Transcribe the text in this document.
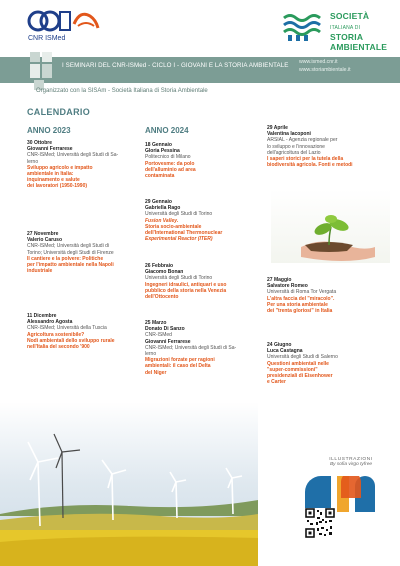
CNR ISMed
SOCIETÀ
ITALIANA DI
STORIA
AMBIENTALE
I SEMINARI DEL CNR-ISMed - CICLO I - GIOVANI E LA STORIA AMBIENTALE www.ismed.cnr.it
www.storiambientale.it
Organizzato con la SISAm - Società Italiana di Storia Ambientale
CALENDARIO
ANNO 2023	ANNO 2024
30 Ottobre
Giovanni Ferrarese
CNR-ISMed; Università degli Studi di Sa-
lerno
Sviluppo agricolo e impatto
ambientale in Italia:
inquinamento e salute
dei lavoratori (1950-1990)
27 Novembre
Valerio Caruso
CNR-ISMed; Università degli Studi di
Torino; Università degli Studi di Firenze
Il cantiere e la polvere: Politiche
per l'impatto ambientale nella Napoli
industriale
11 Dicembre
Alessandro Agosta
CNR-ISMed; Università della Tuscia
Agricoltura sostenibile?
Nodi ambientali dello sviluppo rurale
nell'Italia del secondo '900
18 Gennaio
Gloria Pessina
Politecnico di Milano
Portovesme: da polo
dell'alluminio ad area
contaminata
29 Gennaio
Gabriella Rago
Università degli Studi di Torino
Fusion Valley.
Storia socio-ambientale
dell'International Thermonuclear
Experimental Reactor (ITER)
26 Febbraio
Giacomo Bonan
Università degli Studi di Torino
Ingegneri idraulici, antiquari e uso
pubblico della storia nella Venezia
dell'Ottocento
25 Marzo
Donato Di Sanzo
CNR-ISMed
Giovanni Ferrarese
CNR-ISMed; Università degli Studi di Sa-
lerno
Migrazioni forzate per ragioni
ambientali: il caso del Delta
del Niger
29 Aprile
Valentina Iacoponi
ARSIAL - Agenzia regionale per
lo sviluppo e l'innovazione
dell'agricoltura del Lazio
I saperi storici per la tutela della
biodiversità agricola. Fonti e metodi
27 Maggio
Salvatore Romeo
Università di Roma Tor Vergata
L'altra faccia del "miracolo".
Per una storia ambientale
dei "trenta gloriosi" in Italia
24 Giugno
Luca Castagna
Università degli Studi di Salerno
Questioni ambientali nelle
"super-commissioni"
presidenziali di Eisenhower
e Carter
ILLUSTRAZIONI
By sofia virgo tyfree
